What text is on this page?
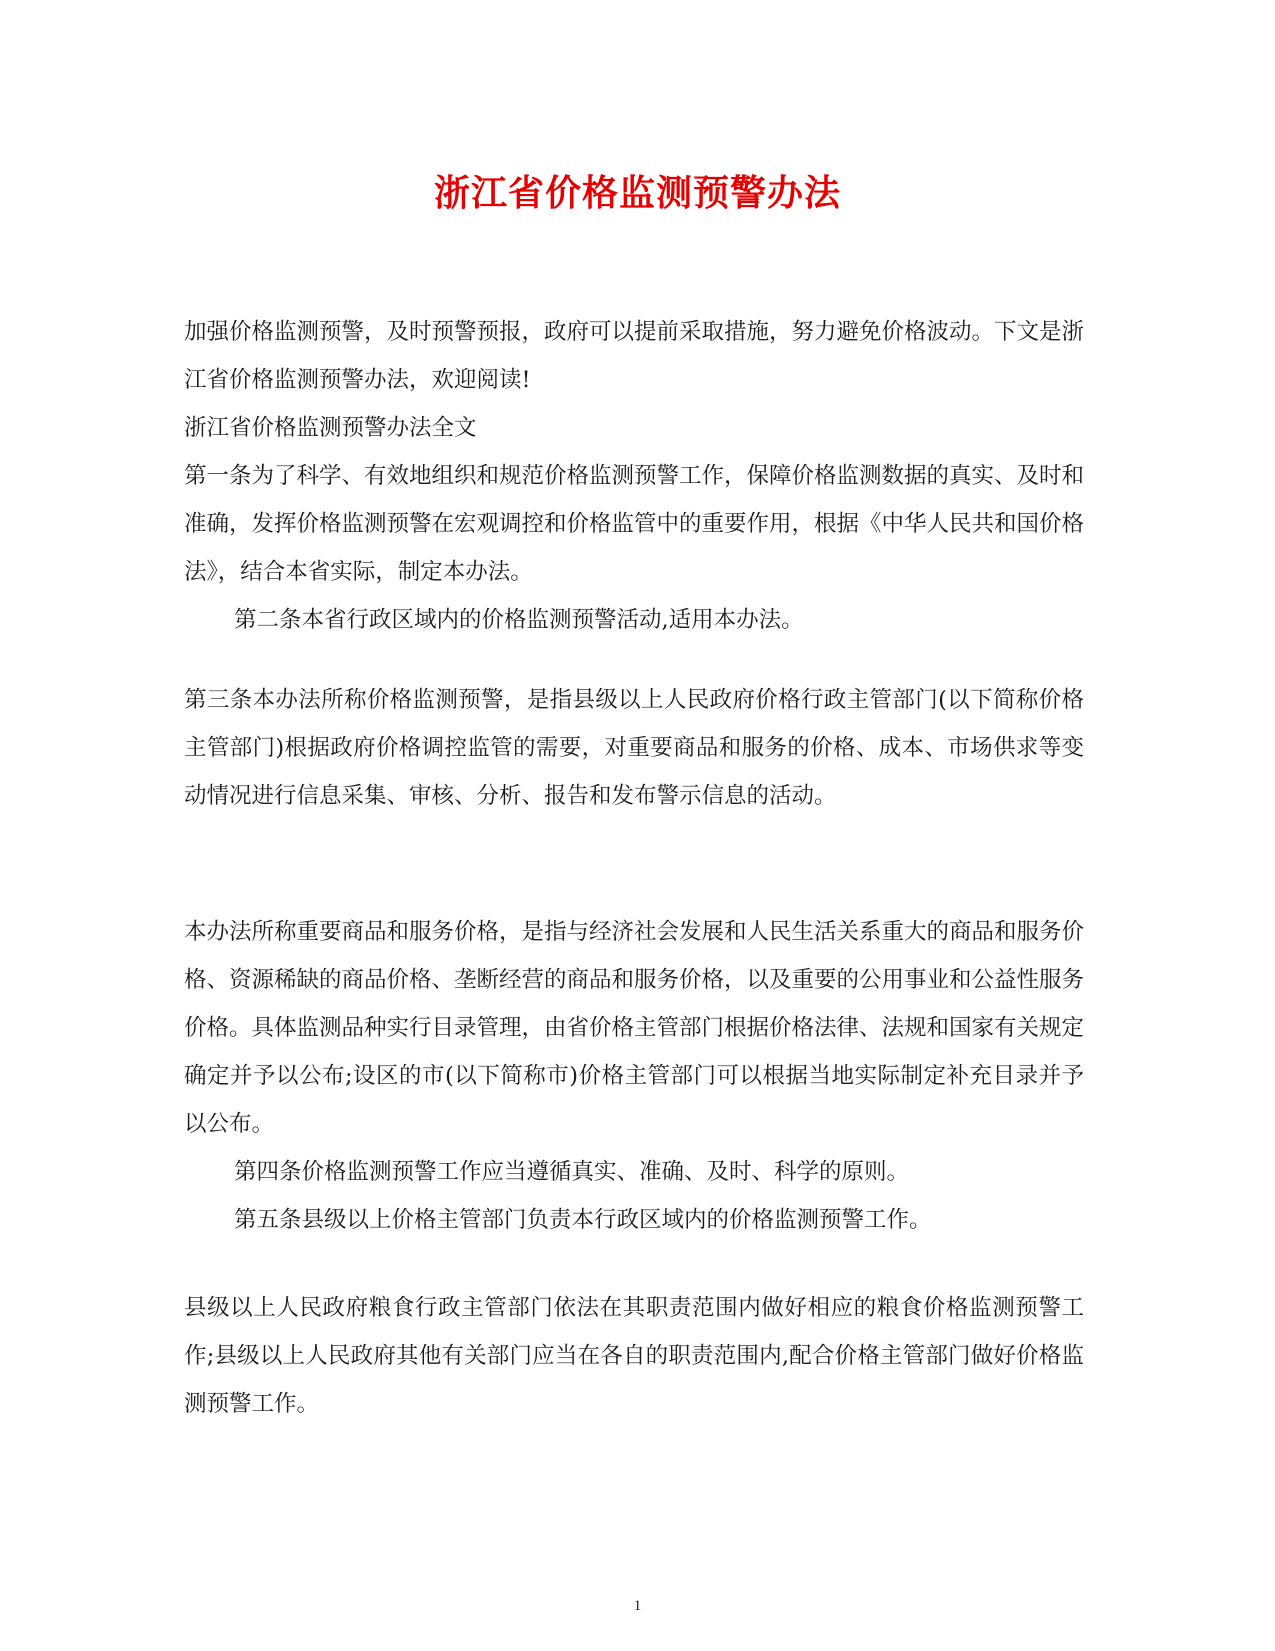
浙江省价格监测预警办法

加强价格监测预警，及时预警预报，政府可以提前采取措施，努力避免价格波动。下文是浙江省价格监测预警办法，欢迎阅读!

浙江省价格监测预警办法全文

第一条为了科学、有效地组织和规范价格监测预警工作，保障价格监测数据的真实、及时和准确，发挥价格监测预警在宏观调控和价格监管中的重要作用，根据《中华人民共和国价格法》，结合本省实际，制定本办法。

第二条本省行政区域内的价格监测预警活动,适用本办法。

第三条本办法所称价格监测预警，是指县级以上人民政府价格行政主管部门(以下简称价格主管部门)根据政府价格调控监管的需要，对重要商品和服务的价格、成本、市场供求等变动情况进行信息采集、审核、分析、报告和发布警示信息的活动。

本办法所称重要商品和服务价格，是指与经济社会发展和人民生活关系重大的商品和服务价格、资源稀缺的商品价格、垄断经营的商品和服务价格，以及重要的公用事业和公益性服务价格。具体监测品种实行目录管理，由省价格主管部门根据价格法律、法规和国家有关规定确定并予以公布;设区的市(以下简称市)价格主管部门可以根据当地实际制定补充目录并予以公布。

第四条价格监测预警工作应当遵循真实、准确、及时、科学的原则。

第五条县级以上价格主管部门负责本行政区域内的价格监测预警工作。

县级以上人民政府粮食行政主管部门依法在其职责范围内做好相应的粮食价格监测预警工作;县级以上人民政府其他有关部门应当在各自的职责范围内,配合价格主管部门做好价格监测预警工作。

1
